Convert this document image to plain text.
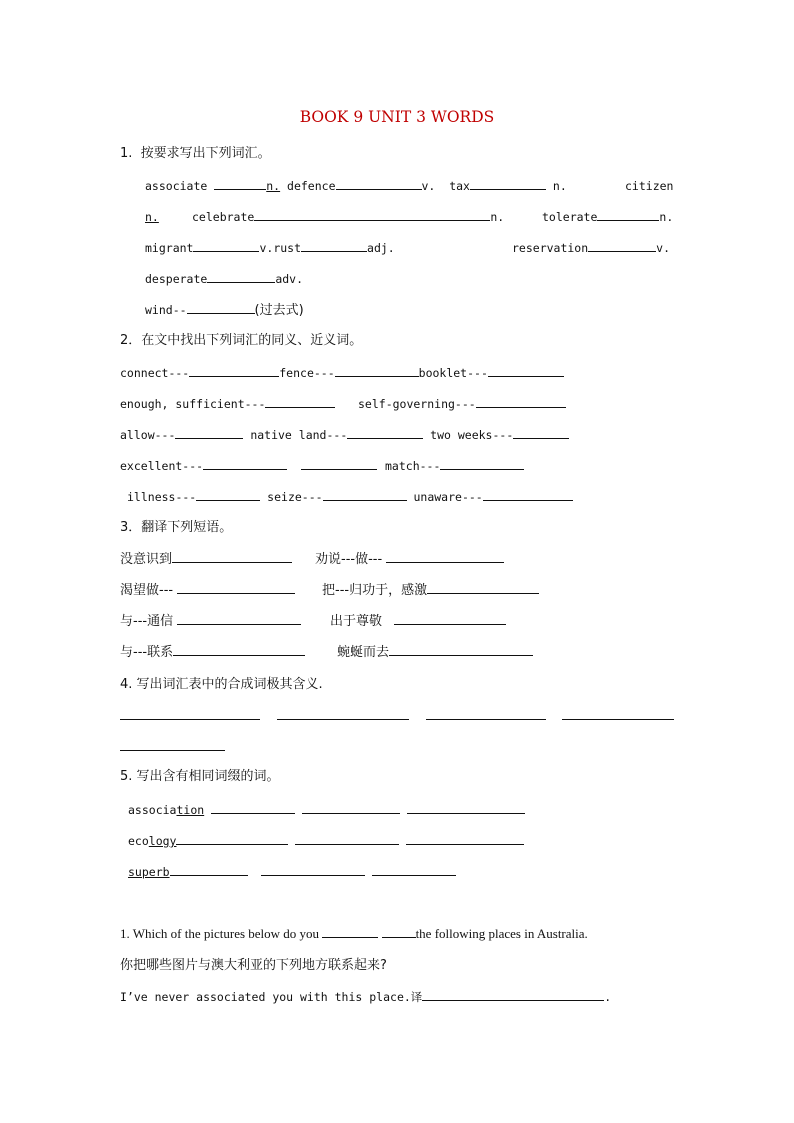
BOOK 9 UNIT 3 WORDS
1.  按要求写出下列词汇。
associate	n. defence	v.  tax	n.	citizen
n.	celebrate	n.	tolerate	n.
migrant	v.rust	adj.	reservation	v.
desperate	adv.
wind--	(过去式)
2．在文中找出下列词汇的同义、近义词。
connect---	fence---	booklet---
enough, sufficient---	self-governing---
allow---	native land---	two weeks---
excellent---	match---
illness---	seize---	unaware---
3．翻译下列短语。
没意识到	劝说---做---
渴望做---	把---归功于，感激
与---通信	出于尊敬
与---联系	蜿蜒而去
4. 写出词汇表中的合成词极其含义.
5. 写出含有相同词缀的词。
association
ecology
superb
1. Which of the pictures below do you	the following places in Australia.
你把哪些图片与澳大利亚的下列地方联系起来?
I’ve never associated you with this place.译	.
